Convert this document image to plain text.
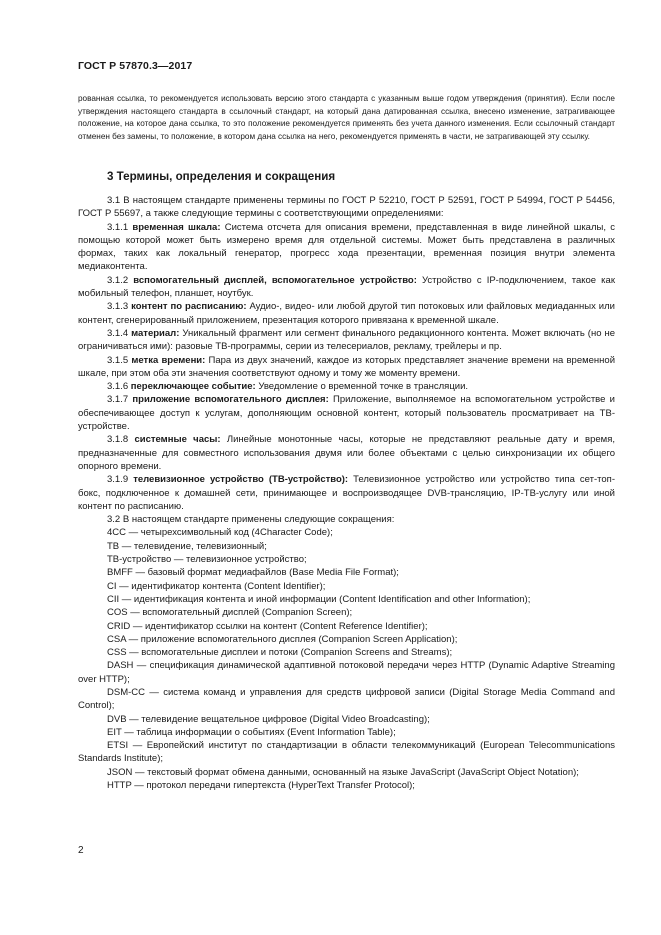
ГОСТ Р 57870.3—2017
рованная ссылка, то рекомендуется использовать версию этого стандарта с указанным выше годом утверждения (принятия). Если после утверждения настоящего стандарта в ссылочный стандарт, на который дана датированная ссылка, внесено изменение, затрагивающее положение, на которое дана ссылка, то это положение рекомендуется применять без учета данного изменения. Если ссылочный стандарт отменен без замены, то положение, в котором дана ссылка на него, рекомендуется применять в части, не затрагивающей эту ссылку.
3 Термины, определения и сокращения

3.1 В настоящем стандарте применены термины по ГОСТ Р 52210, ГОСТ Р 52591, ГОСТ Р 54994, ГОСТ Р 54456, ГОСТ Р 55697, а также следующие термины с соответствующими определениями:

3.1.1 временная шкала: Система отсчета для описания времени, представленная в виде линейной шкалы, с помощью которой может быть измерено время для отдельной системы. Может быть представлена в различных формах, таких как локальный генератор, прогресс хода презентации, временная позиция внутри элемента медиаконтента.

3.1.2 вспомогательный дисплей, вспомогательное устройство: Устройство с IP-подключением, такое как мобильный телефон, планшет, ноутбук.

3.1.3 контент по расписанию: Аудио-, видео- или любой другой тип потоковых или файловых медиаданных или контент, сгенерированный приложением, презентация которого привязана к временной шкале.

3.1.4 материал: Уникальный фрагмент или сегмент финального редакционного контента. Может включать (но не ограничиваться ими): разовые ТВ-программы, серии из телесериалов, рекламу, трейлеры и пр.

3.1.5 метка времени: Пара из двух значений, каждое из которых представляет значение времени на временной шкале, при этом оба эти значения соответствуют одному и тому же моменту времени.

3.1.6 переключающее событие: Уведомление о временной точке в трансляции.

3.1.7 приложение вспомогательного дисплея: Приложение, выполняемое на вспомогательном устройстве и обеспечивающее доступ к услугам, дополняющим основной контент, который пользователь просматривает на ТВ-устройстве.

3.1.8 системные часы: Линейные монотонные часы, которые не представляют реальные дату и время, предназначенные для совместного использования двумя или более объектами с целью синхронизации их общего опорного времени.

3.1.9 телевизионное устройство (ТВ-устройство): Телевизионное устройство или устройство типа сет-топ-бокс, подключенное к домашней сети, принимающее и воспроизводящее DVB-трансляцию, IP-ТВ-услугу или иной контент по расписанию.

3.2 В настоящем стандарте применены следующие сокращения:

4CC — четырехсимвольный код (4Character Code);

ТВ — телевидение, телевизионный;

ТВ-устройство — телевизионное устройство;

BMFF — базовый формат медиафайлов (Base Media File Format);

CI — идентификатор контента (Content Identifier);

CII — идентификация контента и иной информации (Content Identification and other Information);

COS — вспомогательный дисплей (Companion Screen);

CRID — идентификатор ссылки на контент (Content Reference Identifier);

CSA — приложение вспомогательного дисплея (Companion Screen Application);

CSS — вспомогательные дисплеи и потоки (Companion Screens and Streams);

DASH — спецификация динамической адаптивной потоковой передачи через HTTP (Dynamic Adaptive Streaming over HTTP);

DSM-CC — система команд и управления для средств цифровой записи (Digital Storage Media Command and Control);

DVB — телевидение вещательное цифровое (Digital Video Broadcasting);

EIT — таблица информации о событиях (Event Information Table);

ETSI — Европейский институт по стандартизации в области телекоммуникаций (European Telecommunications Standards Institute);

JSON — текстовый формат обмена данными, основанный на языке JavaScript (JavaScript Object Notation);

HTTP — протокол передачи гипертекста (HyperText Transfer Protocol);

2
